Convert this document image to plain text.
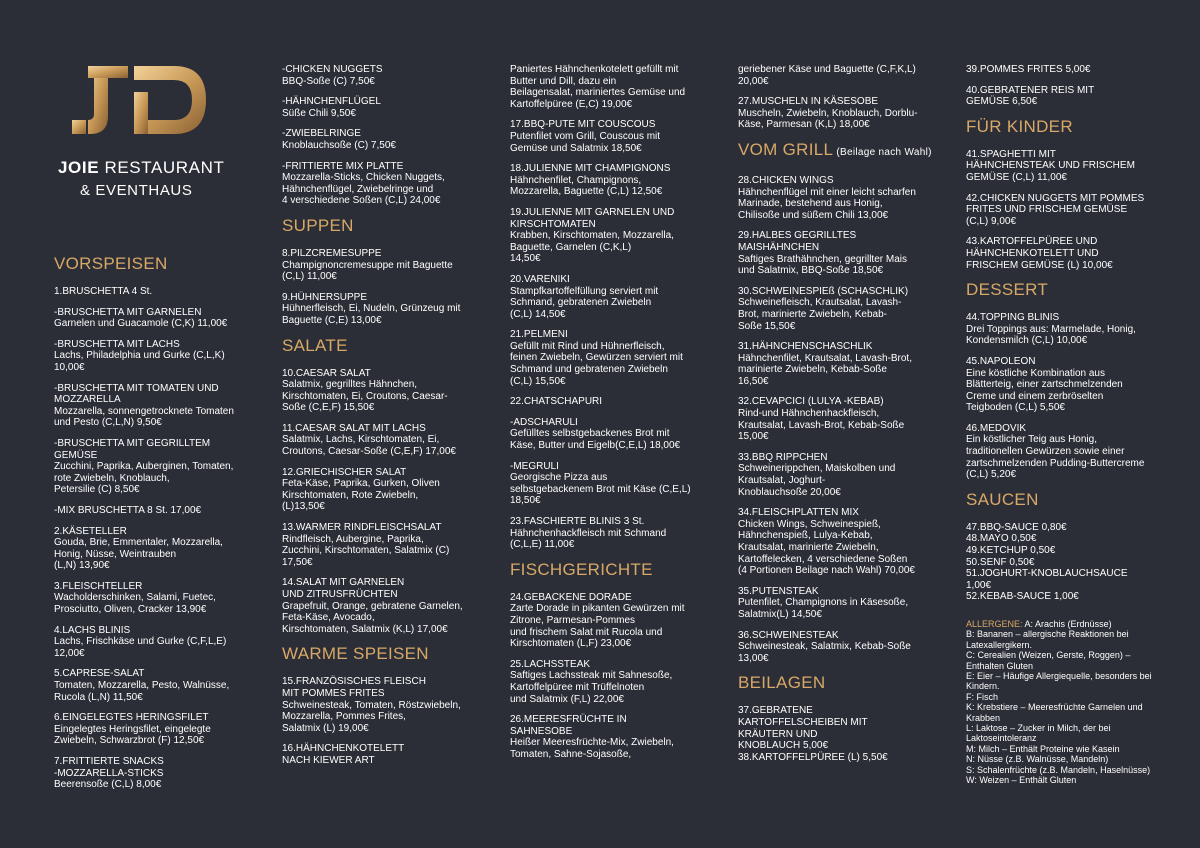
JOIE RESTAURANT
& EVENTHAUS
VORSPEISEN
1.BRUSCHETTA 4 St.
-BRUSCHETTA MIT GARNELEN
Garnelen und Guacamole (C,K) 11,00€
-BRUSCHETTA MIT LACHS
Lachs, Philadelphia und Gurke (C,L,K)
10,00€
-BRUSCHETTA MIT TOMATEN UND
MOZZARELLA
Mozzarella, sonnengetrocknete Tomaten
und Pesto (C,L,N) 9,50€
-BRUSCHETTA MIT GEGRILLTEM
GEMÜSE
Zucchini, Paprika, Auberginen, Tomaten,
rote Zwiebeln, Knoblauch,
Petersilie (C) 8,50€
-MIX BRUSCHETTA 8 St. 17,00€
2.KÄSETELLER
Gouda, Brie, Emmentaler, Mozzarella,
Honig, Nüsse, Weintrauben
(L,N) 13,90€
3.FLEISCHTELLER
Wacholderschinken, Salami, Fuetec,
Prosciutto, Oliven, Cracker 13,90€
4.LACHS BLINIS
Lachs, Frischkäse und Gurke (C,F,L,E)
12,00€
5.CAPRESE-SALAT
Tomaten, Mozzarella, Pesto, Walnüsse,
Rucola (L,N) 11,50€
6.EINGELEGTES HERINGSFILET
Eingelegtes Heringsfilet, eingelegte
Zwiebeln, Schwarzbrot (F) 12,50€
7.FRITTIERTE SNACKS
-MOZZARELLA-STICKS
Beerensoße (C,L) 8,00€
-CHICKEN NUGGETS
BBQ-Soße (C) 7,50€
-HÄHNCHENFLÜGEL
Süße Chili 9,50€
-ZWIEBELRINGE
Knoblauchsoße (C) 7,50€
-FRITTIERTE MIX PLATTE
Mozzarella-Sticks, Chicken Nuggets,
Hähnchenflügel, Zwiebelringe und
4 verschiedene Soßen (C,L) 24,00€
SUPPEN
8.PILZCREMESUPPE
Champignoncremesuppe mit Baguette
(C,L) 11,00€
9.HÜHNERSUPPE
Hühnerfleisch, Ei, Nudeln, Grünzeug mit
Baguette (C,E) 13,00€
SALATE
10.CAESAR SALAT
Salatmix, gegrilltes Hähnchen,
Kirschtomaten, Ei, Croutons, Caesar-
Soße (C,E,F) 15,50€
11.CAESAR SALAT MIT LACHS
Salatmix, Lachs, Kirschtomaten, Ei,
Croutons, Caesar-Soße (C,E,F) 17,00€
12.GRIECHISCHER SALAT
Feta-Käse, Paprika, Gurken, Oliven
Kirschtomaten, Rote Zwiebeln,
(L)13,50€
13.WARMER RINDFLEISCHSALAT
Rindfleisch, Aubergine, Paprika,
Zucchini, Kirschtomaten, Salatmix (C)
17,50€
14.SALAT MIT GARNELEN
UND ZITRUSFRÜCHTEN
Grapefruit, Orange, gebratene Garnelen,
Feta-Käse, Avocado,
Kirschtomaten, Salatmix (K,L) 17,00€
WARME SPEISEN
15.FRANZÖSISCHES FLEISCH
MIT POMMES FRITES
Schweinesteak, Tomaten, Röstzwiebeln,
Mozzarella, Pommes Frites,
Salatmix (L) 19,00€
16.HÄHNCHENKOTELETT
NACH KIEWER ART
Paniertes Hähnchenkotelett gefüllt mit
Butter und Dill, dazu ein
Beilagensalat, mariniertes Gemüse und
Kartoffelpüree (E,C) 19,00€
17.BBQ-PUTE MIT COUSCOUS
Putenfilet vom Grill, Couscous mit
Gemüse und Salatmix 18,50€
18.JULIENNE MIT CHAMPIGNONS
Hähnchenfilet, Champignons,
Mozzarella, Baguette (C,L) 12,50€
19.JULIENNE MIT GARNELEN UND
KIRSCHTOMATEN
Krabben, Kirschtomaten, Mozzarella,
Baguette, Garnelen (C,K,L)
14,50€
20.VARENIKI
Stampfkartoffelfüllung serviert mit
Schmand, gebratenen Zwiebeln
(C,L) 14,50€
21.PELMENI
Gefüllt mit Rind und Hühnerfleisch,
feinen Zwiebeln, Gewürzen serviert mit
Schmand und gebratenen Zwiebeln
(C,L) 15,50€
22.CHATSCHAPURI
-ADSCHARULI
Gefülltes selbstgebackenes Brot mit
Käse, Butter und Eigelb(C,E,L) 18,00€
-MEGRULI
Georgische Pizza aus
selbstgebackenem Brot mit Käse (C,E,L)
18,50€
23.FASCHIERTE BLINIS 3 St.
Hähnchenhackfleisch mit Schmand
(C,L,E) 11,00€
FISCHGERICHTE
24.GEBACKENE DORADE
Zarte Dorade in pikanten Gewürzen mit
Zitrone, Parmesan-Pommes
und frischem Salat mit Rucola und
Kirschtomaten (L,F) 23,00€
25.LACHSSTEAK
Saftiges Lachssteak mit Sahnesoße,
Kartoffelpüree mit Trüffelnoten
und Salatmix (F,L) 22,00€
26.MEERESFRÜCHTE IN
SAHNESOBE
Heißer Meeresfrüchte-Mix, Zwiebeln,
Tomaten, Sahne-Sojasoße,
geriebener Käse und Baguette (C,F,K,L)
20,00€
27.MUSCHELN IN KÄSESOBE
Muscheln, Zwiebeln, Knoblauch, Dorblu-
Käse, Parmesan (K,L) 18,00€
VOM GRILL (Beilage nach Wahl)
28.CHICKEN WINGS
Hähnchenflügel mit einer leicht scharfen
Marinade, bestehend aus Honig,
Chilisoße und süßem Chili 13,00€
29.HALBES GEGRILLTES
MAISHÄHNCHEN
Saftiges Brathähnchen, gegrillter Mais
und Salatmix, BBQ-Soße 18,50€
30.SCHWEINESPIEß (SCHASCHLIK)
Schweinefleisch, Krautsalat, Lavash-
Brot, marinierte Zwiebeln, Kebab-
Soße 15,50€
31.HÄHNCHENSCHASCHLIK
Hähnchenfilet, Krautsalat, Lavash-Brot,
marinierte Zwiebeln, Kebab-Soße
16,50€
32.CEVAPCICI (LULYA -KEBAB)
Rind-und Hähnchenhackfleisch,
Krautsalat, Lavash-Brot, Kebab-Soße
15,00€
33.BBQ RIPPCHEN
Schweinerippchen, Maiskolben und
Krautsalat, Joghurt-
Knoblauchsoße 20,00€
34.FLEISCHPLATTEN MIX
Chicken Wings, Schweinespieß,
Hähnchenspieß, Lulya-Kebab,
Krautsalat, marinierte Zwiebeln,
Kartoffelecken, 4 verschiedene Soßen
(4 Portionen Beilage nach Wahl) 70,00€
35.PUTENSTEAK
Putenfilet, Champignons in Käsesoße,
Salatmix(L) 14,50€
36.SCHWEINESTEAK
Schweinesteak, Salatmix, Kebab-Soße
13,00€
BEILAGEN
37.GEBRATENE
KARTOFFELSCHEIBEN MIT
KRÄUTERN UND
KNOBLAUCH 5,00€
38.KARTOFFELPÜREE (L) 5,50€
39.POMMES FRITES 5,00€
40.GEBRATENER REIS MIT
GEMÜSE 6,50€
FÜR KINDER
41.SPAGHETTI MIT
HÄHNCHENSTEAK UND FRISCHEM
GEMÜSE (C,L) 11,00€
42.CHICKEN NUGGETS MIT POMMES
FRITES UND FRISCHEM GEMÜSE
(C,L) 9,00€
43.KARTOFFELPÜREE UND
HÄHNCHENKOTELETT UND
FRISCHEM GEMÜSE (L) 10,00€
DESSERT
44.TOPPING BLINIS
Drei Toppings aus: Marmelade, Honig,
Kondensmilch (C,L) 10,00€
45.NAPOLEON
Eine köstliche Kombination aus
Blätterteig, einer zartschmelzenden
Creme und einem zerbröselten
Teigboden (C,L) 5,50€
46.MEDOVIK
Ein köstlicher Teig aus Honig,
traditionellen Gewürzen sowie einer
zartschmelzenden Pudding-Buttercreme
(C,L) 5,20€
SAUCEN
47.BBQ-SAUCE 0,80€
48.MAYO 0,50€
49.KETCHUP 0,50€
50.SENF 0,50€
51.JOGHURT-KNOBLAUCHSAUCE
1,00€
52.KEBAB-SAUCE 1,00€
ALLERGENE: A: Arachis (Erdnüsse)
B: Bananen – allergische Reaktionen bei
Latexallergikern.
C: Cerealien (Weizen, Gerste, Roggen) –
Enthalten Gluten
E: Eier – Häufige Allergiequelle, besonders bei
Kindern.
F: Fisch
K: Krebstiere – Meeresfrüchte Garnelen und
Krabben
L: Laktose – Zucker in Milch, der bei
Laktoseintoleranz
M: Milch – Enthält Proteine wie Kasein
N: Nüsse (z.B. Walnüsse, Mandeln)
S: Schalenfrüchte (z.B. Mandeln, Haselnüsse)
W: Weizen – Enthält Gluten
